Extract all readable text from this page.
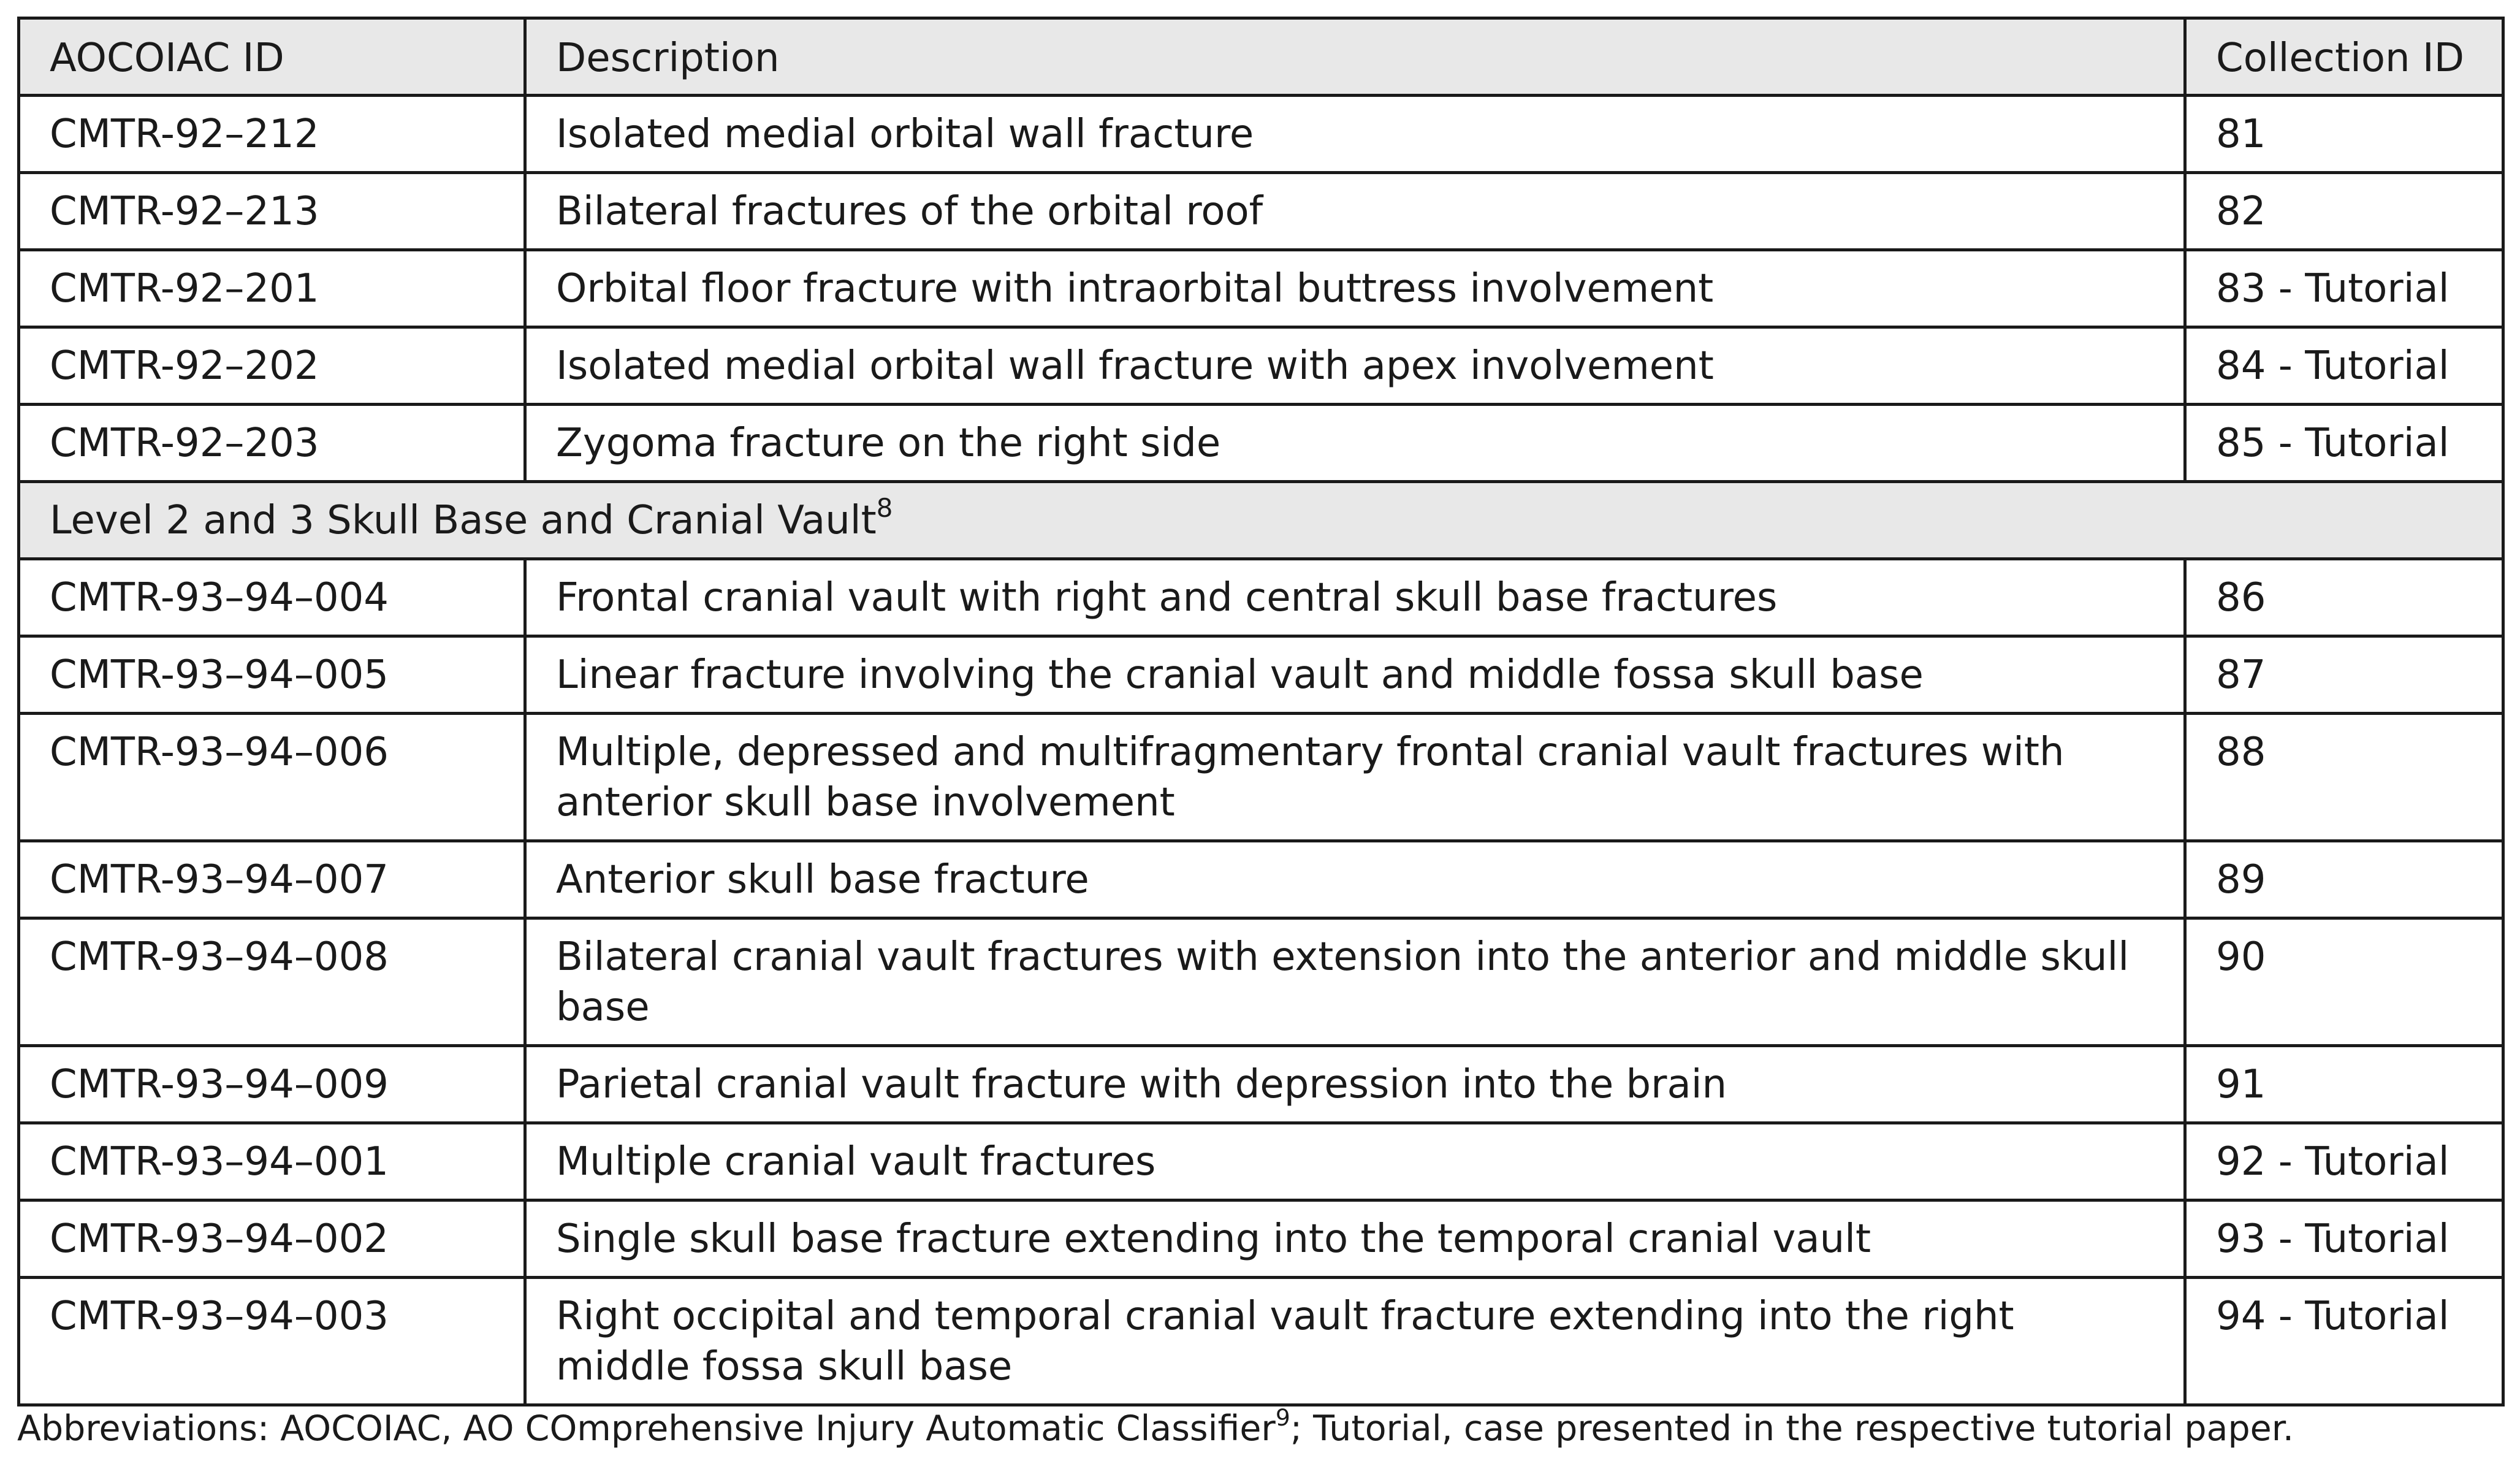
AOCOIAC ID	Description	Collection ID
CMTR-92–212	Isolated medial orbital wall fracture	81
CMTR-92–213	Bilateral fractures of the orbital roof	82
CMTR-92–201	Orbital floor fracture with intraorbital buttress involvement	83 - Tutorial
CMTR-92–202	Isolated medial orbital wall fracture with apex involvement	84 - Tutorial
CMTR-92–203	Zygoma fracture on the right side	85 - Tutorial
Level 2 and 3 Skull Base and Cranial Vault$^8$
CMTR-93–94–004	Frontal cranial vault with right and central skull base fractures	86
CMTR-93–94–005	Linear fracture involving the cranial vault and middle fossa skull base	87
CMTR-93–94–006	Multiple, depressed and multifragmentary frontal cranial vault fractures with anterior skull base involvement	88
CMTR-93–94–007	Anterior skull base fracture	89
CMTR-93–94–008	Bilateral cranial vault fractures with extension into the anterior and middle skull base	90
CMTR-93–94–009	Parietal cranial vault fracture with depression into the brain	91
CMTR-93–94–001	Multiple cranial vault fractures	92 - Tutorial
CMTR-93–94–002	Single skull base fracture extending into the temporal cranial vault	93 - Tutorial
CMTR-93–94–003	Right occipital and temporal cranial vault fracture extending into the right middle fossa skull base	94 - Tutorial
Abbreviations: AOCOIAC, AO COmprehensive Injury Automatic Classifier$^9$; Tutorial, case presented in the respective tutorial paper.
